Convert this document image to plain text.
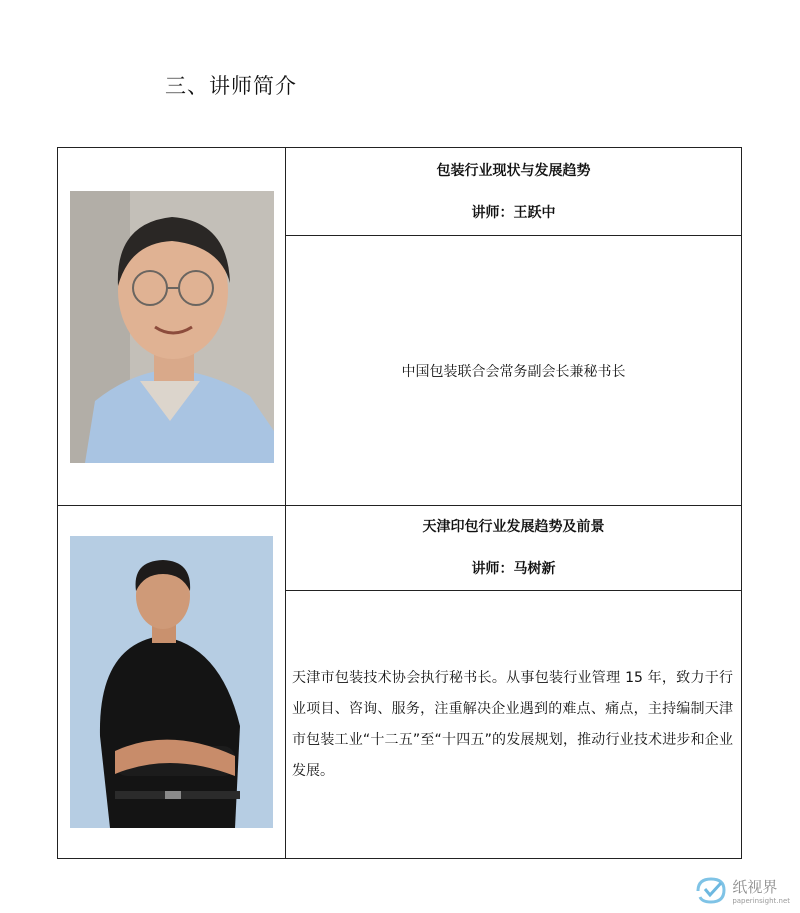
三、讲师简介

包装行业现状与发展趋势
讲师：王跃中

	中国包装联合会常务副会长兼秘书长

天津印包行业发展趋势及前景
讲师：马树新

	天津市包装技术协会执行秘书长。从事包装行业管理 15 年，致力于行业项目、咨询、服务，注重解决企业遇到的难点、痛点，主持编制天津市包装工业“十二五”至“十四五”的发展规划，推动行业技术进步和企业发展。
纸视界
paperinsight.net
